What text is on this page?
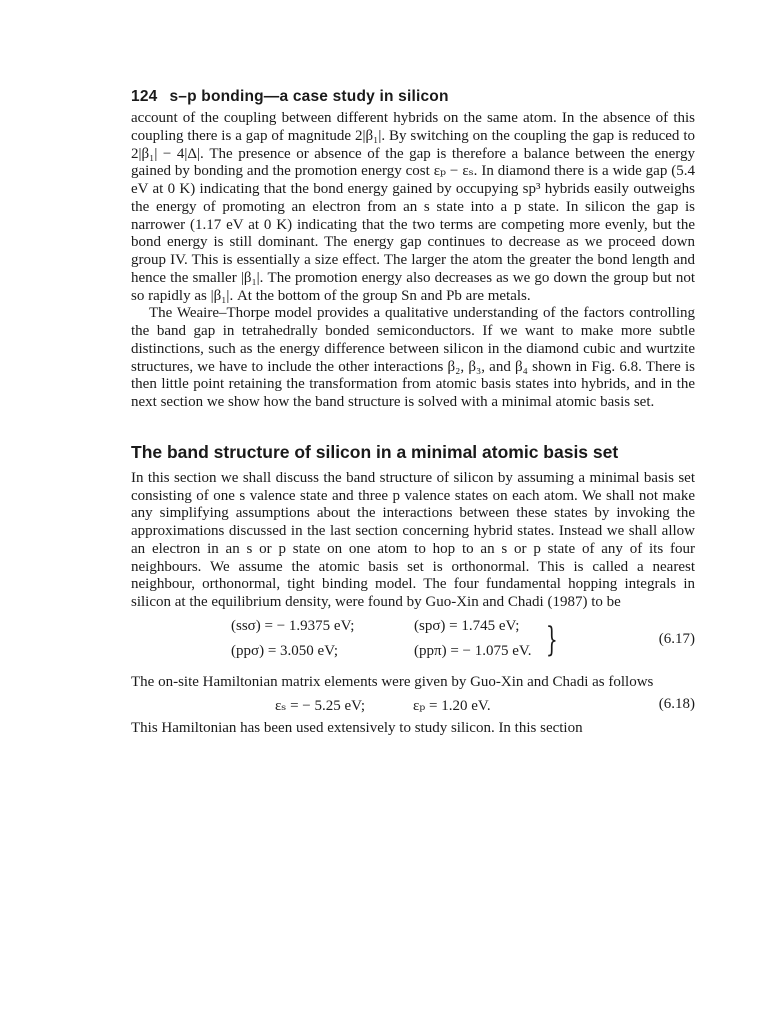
124 s–p bonding—a case study in silicon

account of the coupling between different hybrids on the same atom. In the absence of this coupling there is a gap of magnitude 2|β₁|. By switching on the coupling the gap is reduced to 2|β₁| − 4|Δ|. The presence or absence of the gap is therefore a balance between the energy gained by bonding and the promotion energy cost εₚ − εₛ. In diamond there is a wide gap (5.4 eV at 0 K) indicating that the bond energy gained by occupying sp³ hybrids easily outweighs the energy of promoting an electron from an s state into a p state. In silicon the gap is narrower (1.17 eV at 0 K) indicating that the two terms are competing more evenly, but the bond energy is still dominant. The energy gap continues to decrease as we proceed down group IV. This is essentially a size effect. The larger the atom the greater the bond length and hence the smaller |β₁|. The promotion energy also decreases as we go down the group but not so rapidly as |β₁|. At the bottom of the group Sn and Pb are metals.

The Weaire–Thorpe model provides a qualitative understanding of the factors controlling the band gap in tetrahedrally bonded semiconductors. If we want to make more subtle distinctions, such as the energy difference between silicon in the diamond cubic and wurtzite structures, we have to include the other interactions β₂, β₃, and β₄ shown in Fig. 6.8. There is then little point retaining the transformation from atomic basis states into hybrids, and in the next section we show how the band structure is solved with a minimal atomic basis set.

The band structure of silicon in a minimal atomic basis set

In this section we shall discuss the band structure of silicon by assuming a minimal basis set consisting of one s valence state and three p valence states on each atom. We shall not make any simplifying assumptions about the interactions between these states by invoking the approximations discussed in the last section concerning hybrid states. Instead we shall allow an electron in an s or p state on one atom to hop to an s or p state of any of its four neighbours. We assume the atomic basis set is orthonormal. This is called a nearest neighbour, orthonormal, tight binding model. The four fundamental hopping integrals in silicon at the equilibrium density, were found by Guo-Xin and Chadi (1987) to be

(ssσ) = − 1.9375 eV;	(spσ) = 1.745 eV;
(ppσ) = 3.050 eV;	(ppπ) = − 1.075 eV. }	(6.17)

The on-site Hamiltonian matrix elements were given by Guo-Xin and Chadi as follows

εₛ = − 5.25 eV;	εₚ = 1.20 eV.	(6.18)

This Hamiltonian has been used extensively to study silicon. In this section
